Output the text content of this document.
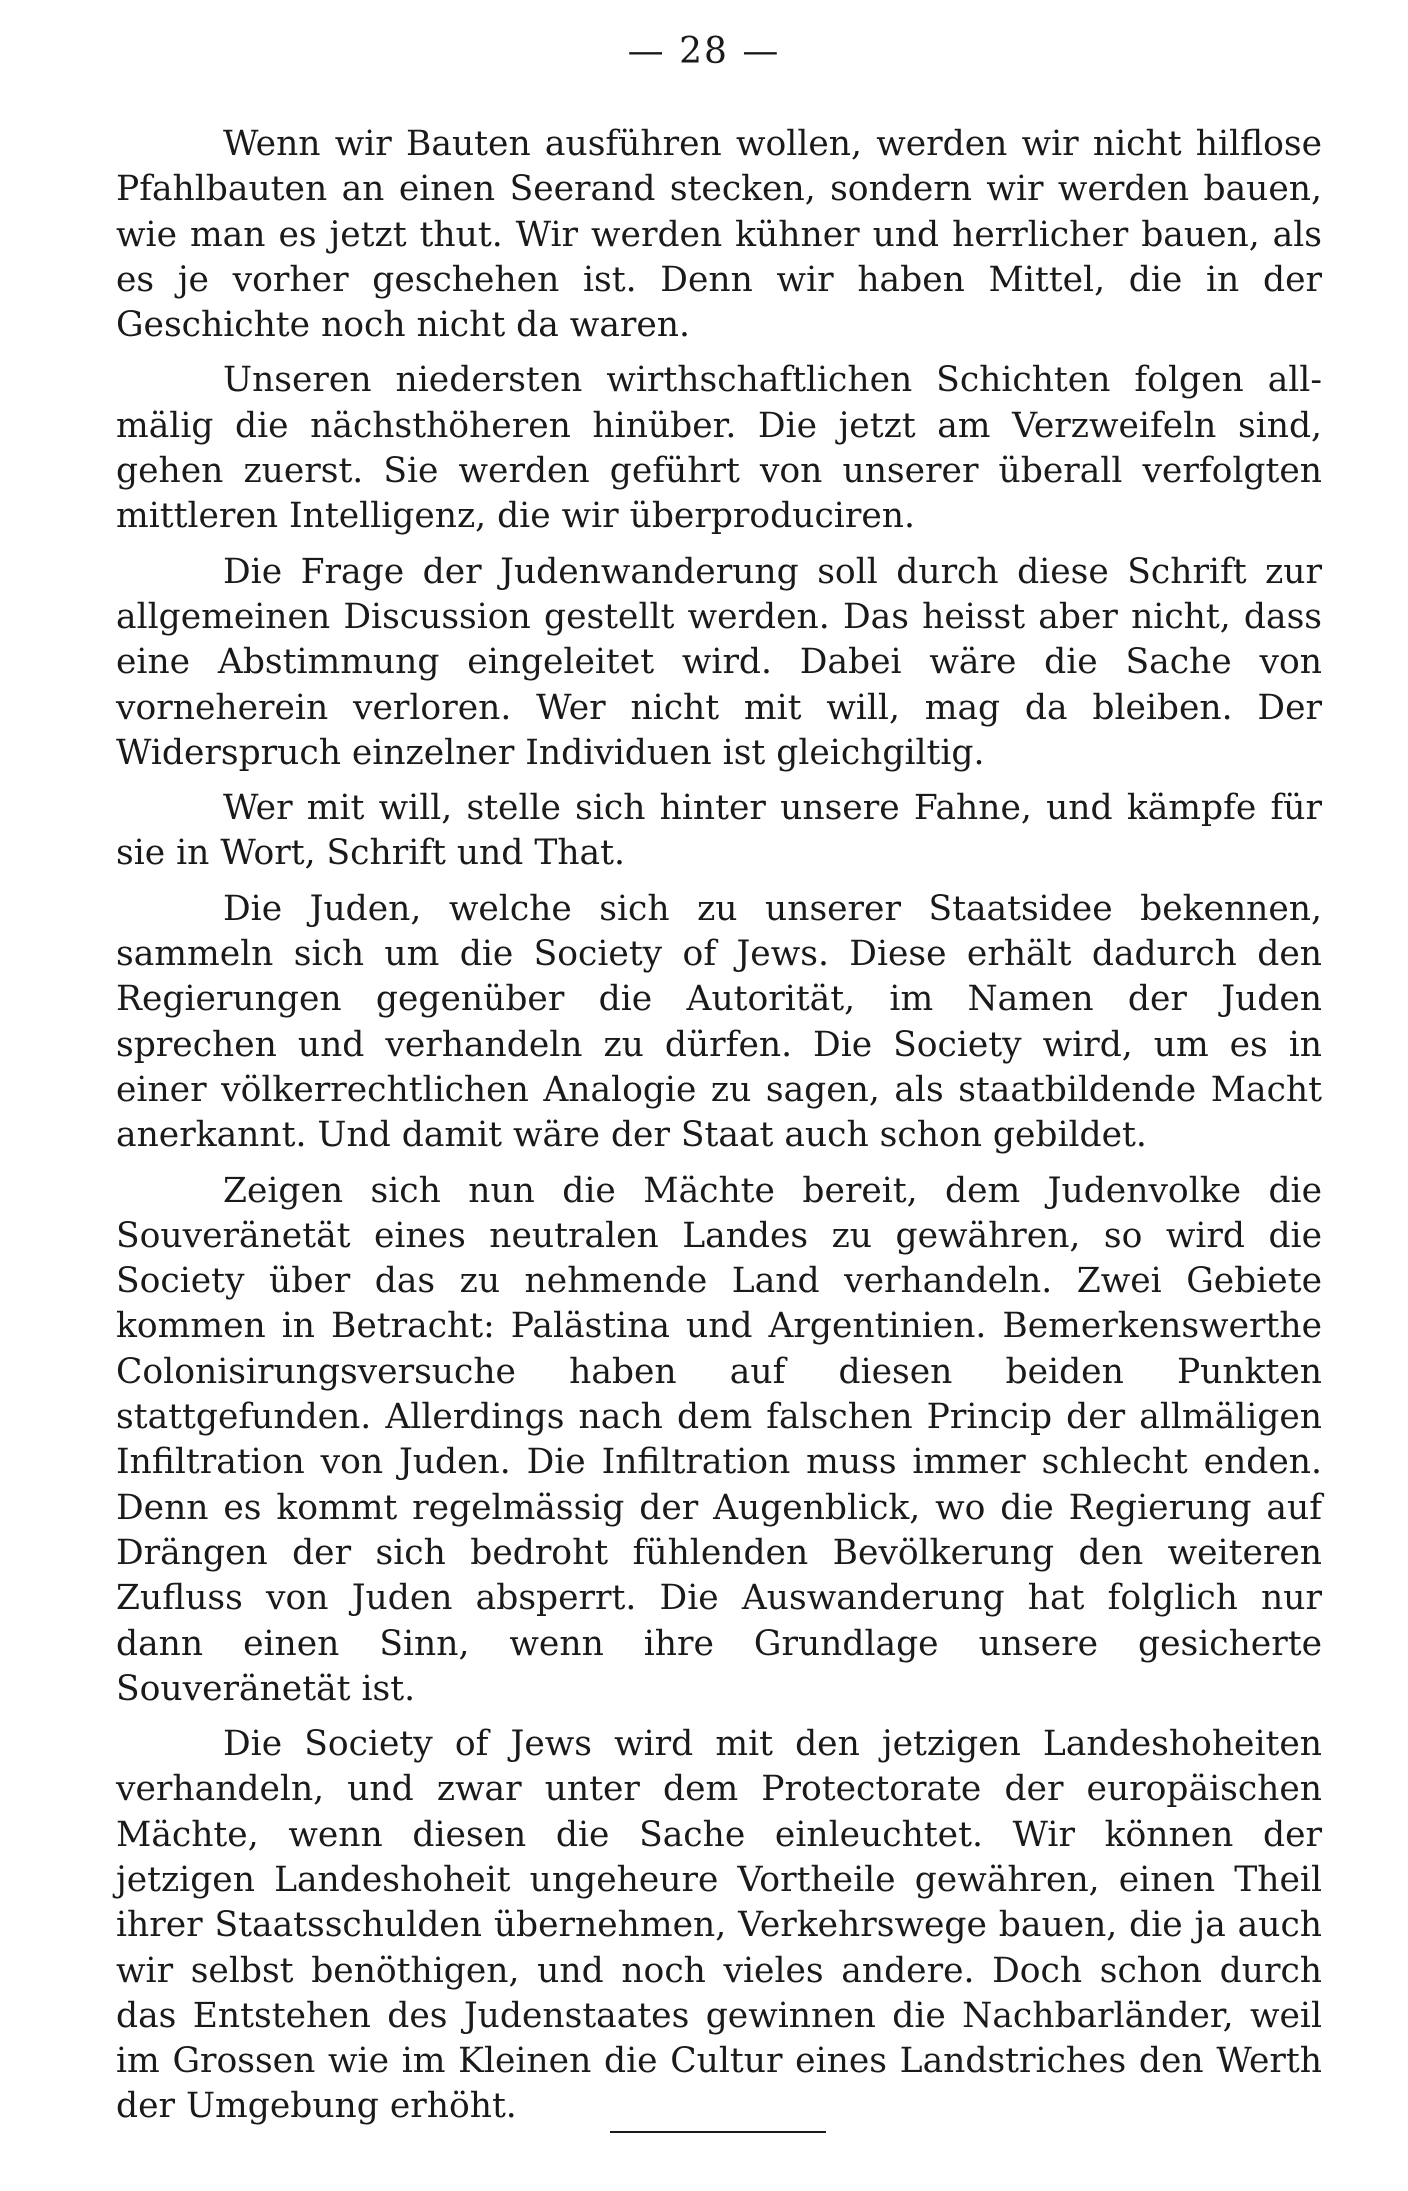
— 28 —

Wenn wir Bauten ausführen wollen, werden wir nicht hilflose Pfahlbauten an einen Seerand stecken, sondern wir werden bauen, wie man es jetzt thut. Wir werden kühner und herrlicher bauen, als es je vorher geschehen ist. Denn wir haben Mittel, die in der Geschichte noch nicht da waren.

Unseren niedersten wirthschaftlichen Schichten folgen allmälig die nächsthöheren hinüber. Die jetzt am Verzweifeln sind, gehen zuerst. Sie werden geführt von unserer überall verfolgten mittleren Intelligenz, die wir überproduciren.

Die Frage der Judenwanderung soll durch diese Schrift zur allgemeinen Discussion gestellt werden. Das heisst aber nicht, dass eine Abstimmung eingeleitet wird. Dabei wäre die Sache von vorneherein verloren. Wer nicht mit will, mag da bleiben. Der Widerspruch einzelner Individuen ist gleichgiltig.

Wer mit will, stelle sich hinter unsere Fahne, und kämpfe für sie in Wort, Schrift und That.

Die Juden, welche sich zu unserer Staatsidee bekennen, sammeln sich um die Society of Jews. Diese erhält dadurch den Regierungen gegenüber die Autorität, im Namen der Juden sprechen und verhandeln zu dürfen. Die Society wird, um es in einer völkerrechtlichen Analogie zu sagen, als staatbildende Macht anerkannt. Und damit wäre der Staat auch schon gebildet.

Zeigen sich nun die Mächte bereit, dem Judenvolke die Souveränetät eines neutralen Landes zu gewähren, so wird die Society über das zu nehmende Land verhandeln. Zwei Gebiete kommen in Betracht: Palästina und Argentinien. Bemerkenswerthe Colonisirungsversuche haben auf diesen beiden Punkten stattgefunden. Allerdings nach dem falschen Princip der allmäligen Infiltration von Juden. Die Infiltration muss immer schlecht enden. Denn es kommt regelmässig der Augenblick, wo die Regierung auf Drängen der sich bedroht fühlenden Bevölkerung den weiteren Zufluss von Juden absperrt. Die Auswanderung hat folglich nur dann einen Sinn, wenn ihre Grundlage unsere gesicherte Souveränetät ist.

Die Society of Jews wird mit den jetzigen Landeshoheiten verhandeln, und zwar unter dem Protectorate der europäischen Mächte, wenn diesen die Sache einleuchtet. Wir können der jetzigen Landeshoheit ungeheure Vortheile gewähren, einen Theil ihrer Staatsschulden übernehmen, Verkehrswege bauen, die ja auch wir selbst benöthigen, und noch vieles andere. Doch schon durch das Entstehen des Judenstaates gewinnen die Nachbarländer, weil im Grossen wie im Kleinen die Cultur eines Landstriches den Werth der Umgebung erhöht.
